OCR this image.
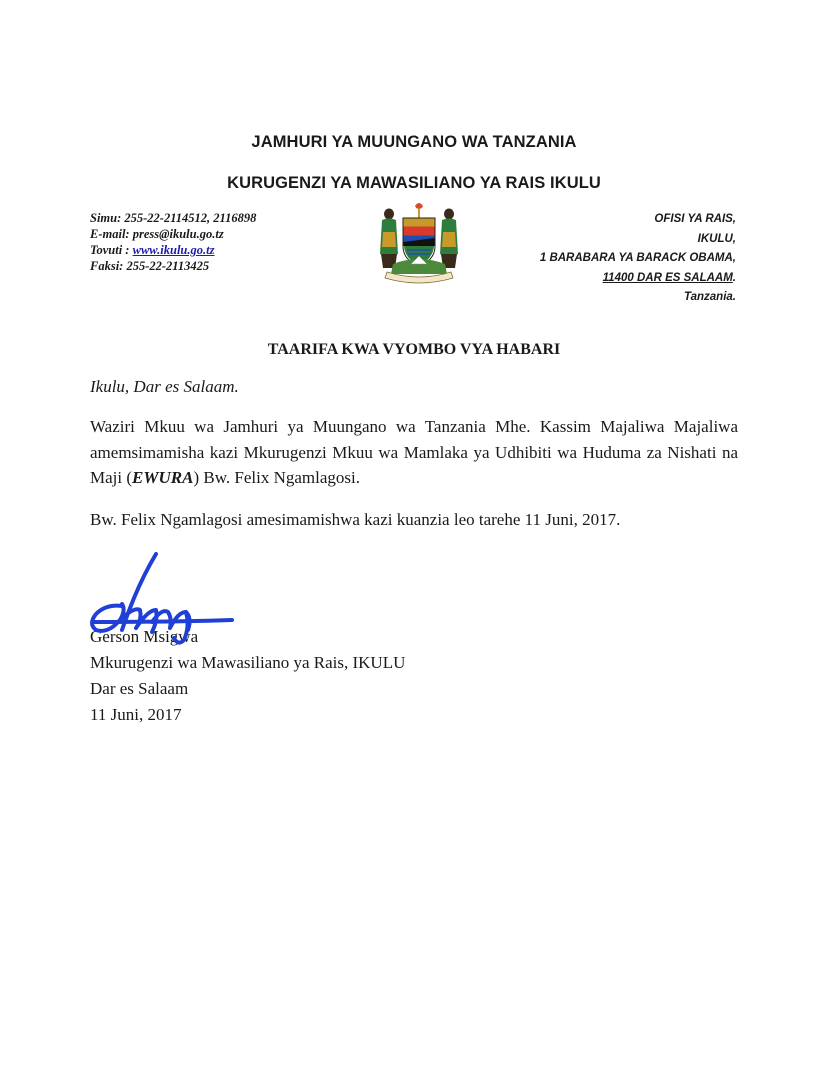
JAMHURI YA MUUNGANO WA TANZANIA
KURUGENZI YA MAWASILIANO YA RAIS IKULU
Simu: 255-22-2114512, 2116898
E-mail: press@ikulu.go.tz
Tovuti : www.ikulu.go.tz
Faksi: 255-22-2113425
OFISI YA RAIS,
IKULU,
1 BARABARA YA BARACK OBAMA,
11400 DAR ES SALAAM.
Tanzania.
TAARIFA KWA VYOMBO VYA HABARI
Ikulu, Dar es Salaam.
Waziri Mkuu wa Jamhuri ya Muungano wa Tanzania Mhe. Kassim Majaliwa Majaliwa amemsimamisha kazi Mkurugenzi Mkuu wa Mamlaka ya Udhibiti wa Huduma za Nishati na Maji (EWURA) Bw. Felix Ngamlagosi.
Bw. Felix Ngamlagosi amesimamishwa kazi kuanzia leo tarehe 11 Juni, 2017.
Gerson Msigwa
Mkurugenzi wa Mawasiliano ya Rais, IKULU
Dar es Salaam
11 Juni, 2017
